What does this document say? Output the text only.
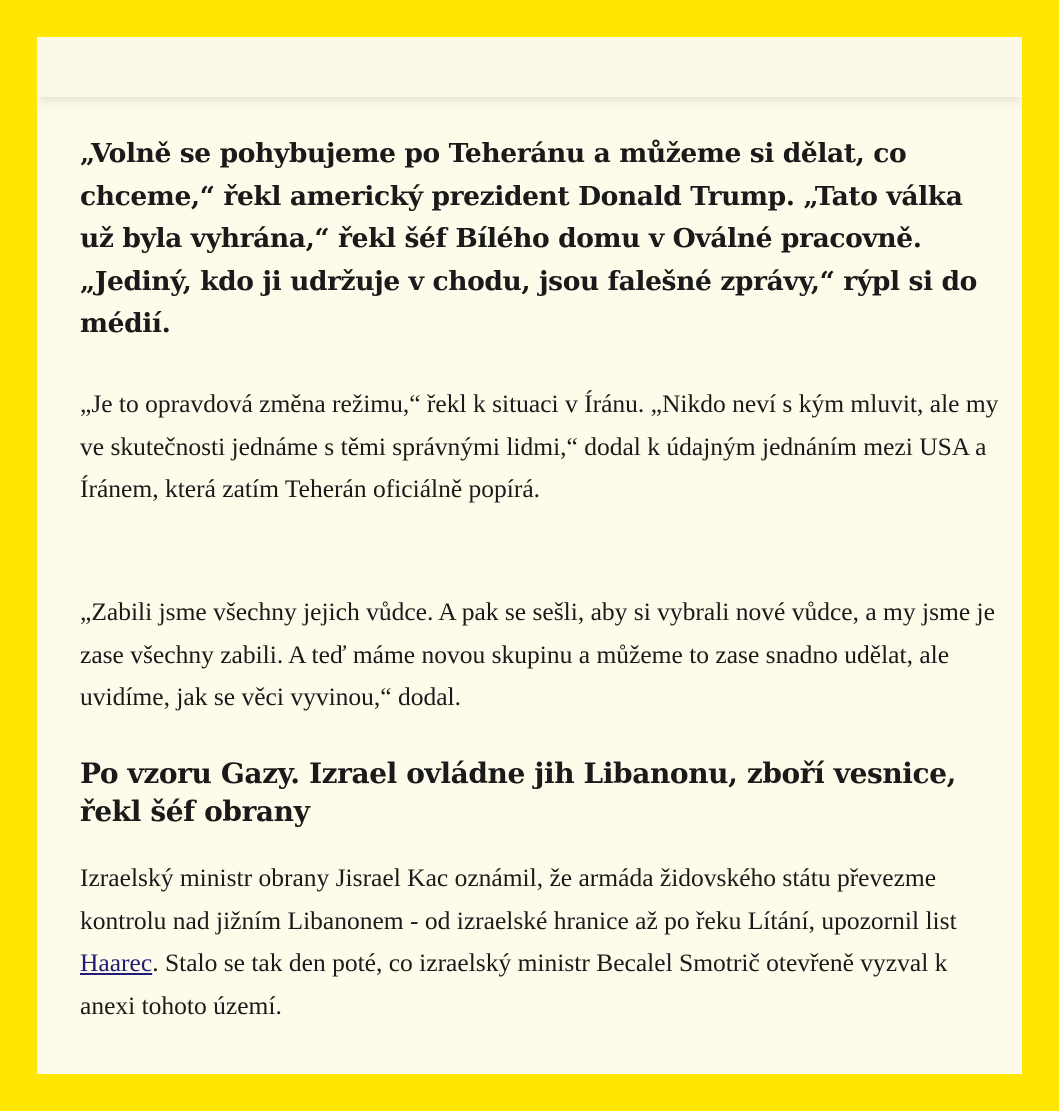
„Volně se pohybujeme po Teheránu a můžeme si dělat, co chceme,“ řekl americký prezident Donald Trump. „Tato válka už byla vyhrána,“ řekl šéf Bílého domu v Oválné pracovně. „Jediný, kdo ji udržuje v chodu, jsou falešné zprávy,“ rýpl si do médií.

„Je to opravdová změna režimu,“ řekl k situaci v Íránu. „Nikdo neví s kým mluvit, ale my ve skutečnosti jednáme s těmi správnými lidmi,“ dodal k údajným jednáním mezi USA a Íránem, která zatím Teherán oficiálně popírá.

„Zabili jsme všechny jejich vůdce. A pak se sešli, aby si vybrali nové vůdce, a my jsme je zase všechny zabili. A teď máme novou skupinu a můžeme to zase snadno udělat, ale uvidíme, jak se věci vyvinou,“ dodal.

Po vzoru Gazy. Izrael ovládne jih Libanonu, zboří vesnice, řekl šéf obrany

Izraelský ministr obrany Jisrael Kac oznámil, že armáda židovského státu převezme kontrolu nad jižním Libanonem - od izraelské hranice až po řeku Lítání, upozornil list Haarec. Stalo se tak den poté, co izraelský ministr Becalel Smotrič otevřeně vyzval k anexi tohoto území.
